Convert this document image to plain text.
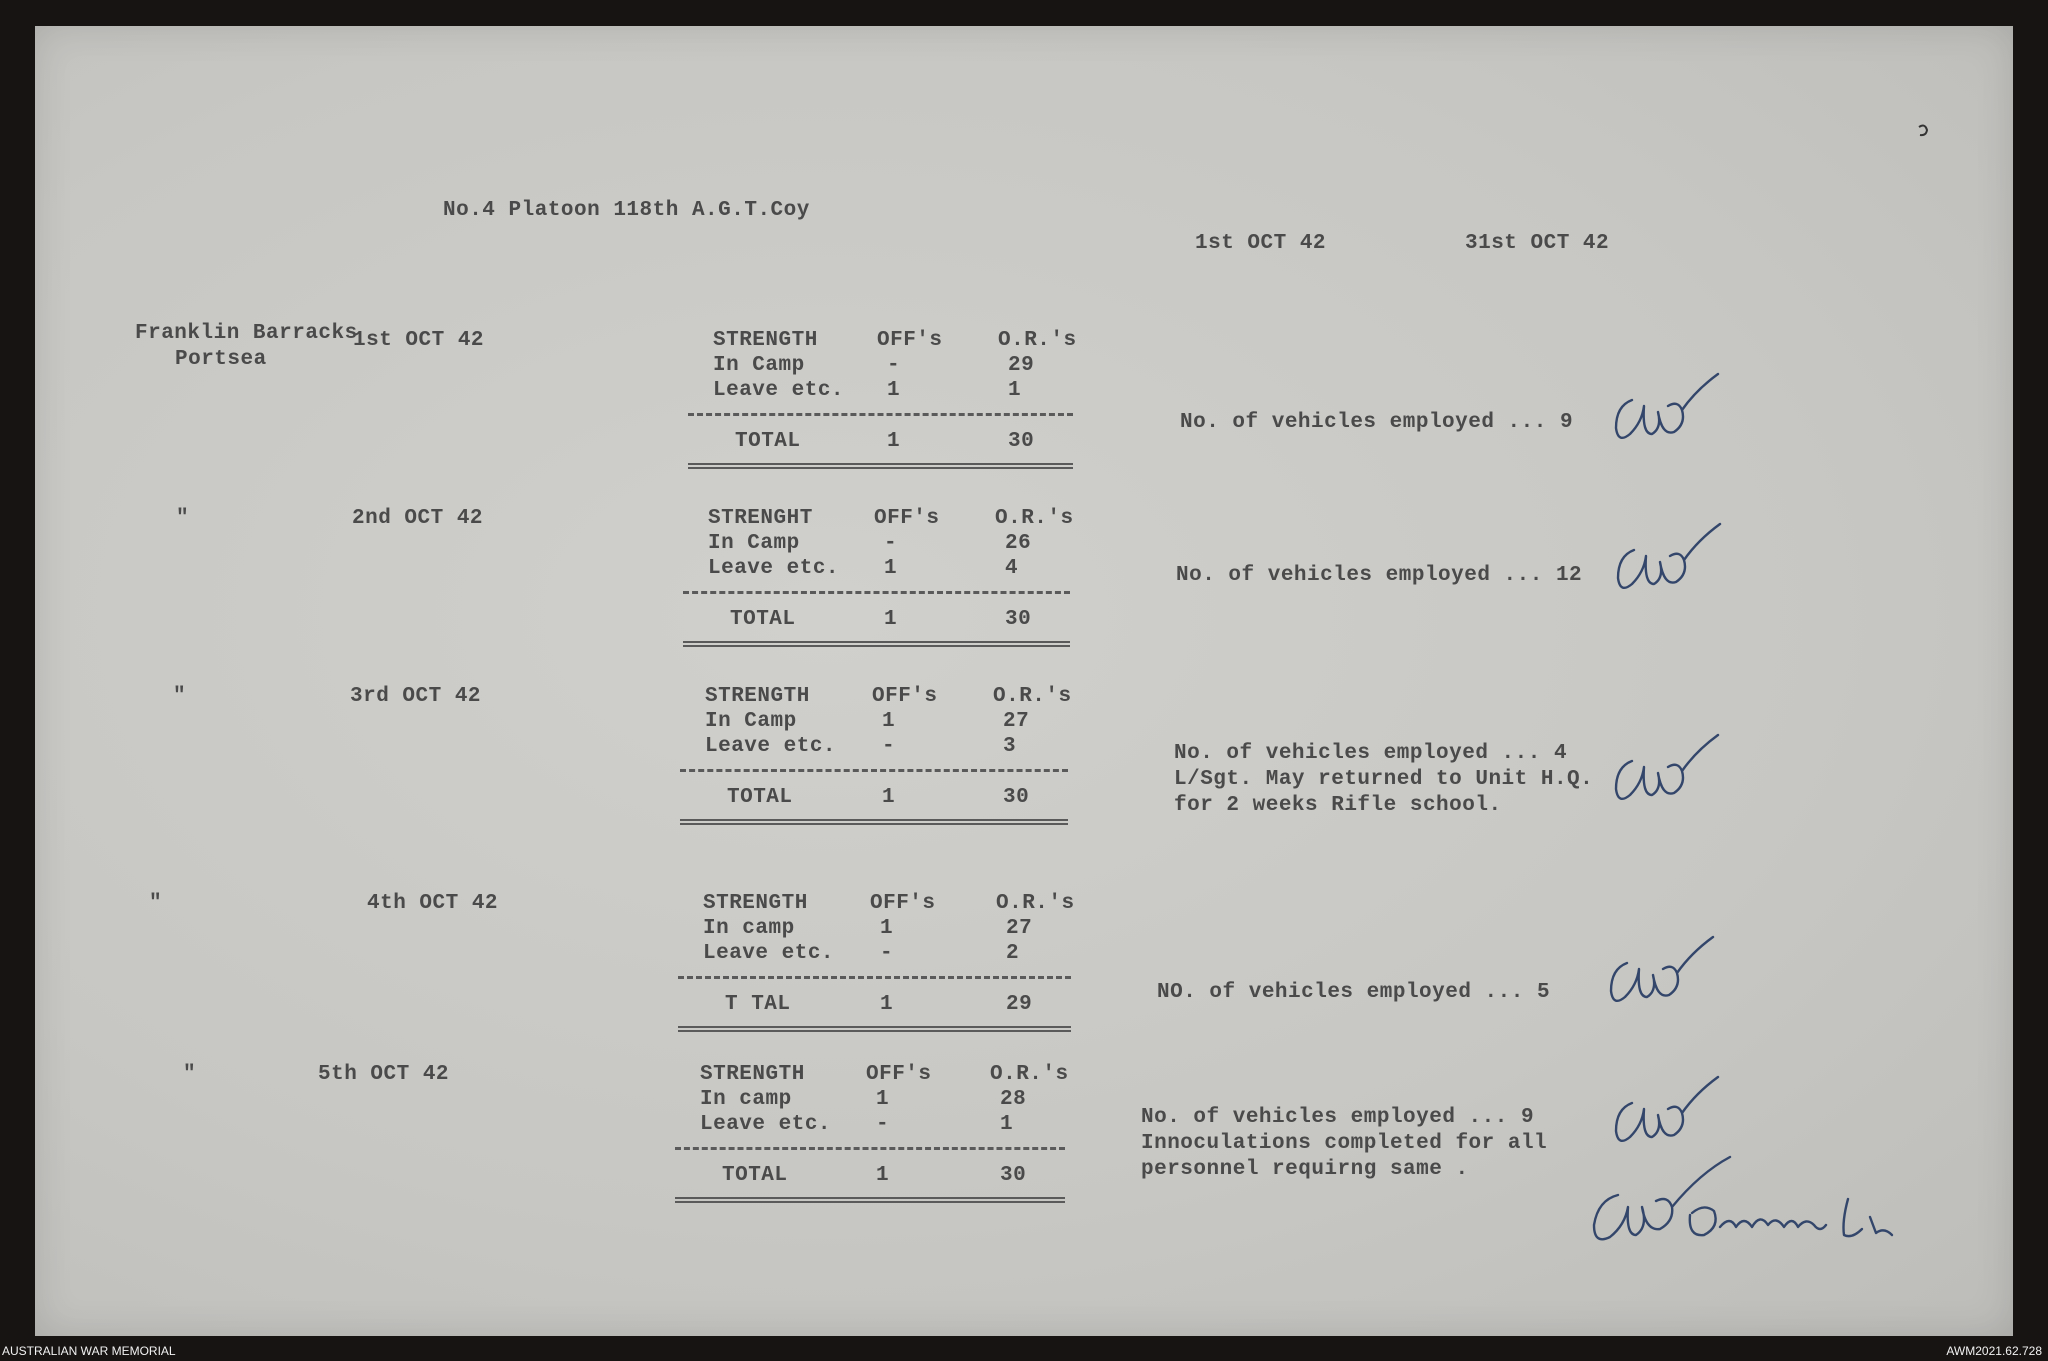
No.4 Platoon 118th A.G.T.Coy

1st OCT 42	31st OCT 42

Franklin Barracks

Portsea

1st OCT 42	STRENGTH	OFF's	O.R.'s

In Camp	-	29

Leave etc. 1	1

TOTAL	1	30

No. of vehicles employed ... 9

"	2nd OCT 42	STRENGHT	OFF's	O.R.'s

In Camp	-	26

Leave etc. 1	4

TOTAL	1	30

No. of vehicles employed ... 12

"	3rd OCT 42	STRENGTH	OFF's	O.R.'s

In Camp	1	27

Leave etc. -	3

TOTAL	1	30

No. of vehicles employed ... 4

L/Sgt. May returned to Unit H.Q.

for 2 weeks Rifle school.

"	4th OCT 42	STRENGTH	OFF's	O.R.'s

In camp	1	27

Leave etc. -	2

T TAL	1	29

NO. of vehicles employed ... 5

"	5th OCT 42	STRENGTH	OFF's	O.R.'s

In camp	1	28

Leave etc. -	1

TOTAL	1	30

No. of vehicles employed ... 9

Innoculations completed for all

personnel requirng same .

AUSTRALIAN WAR MEMORIAL	AWM2021.62.728
